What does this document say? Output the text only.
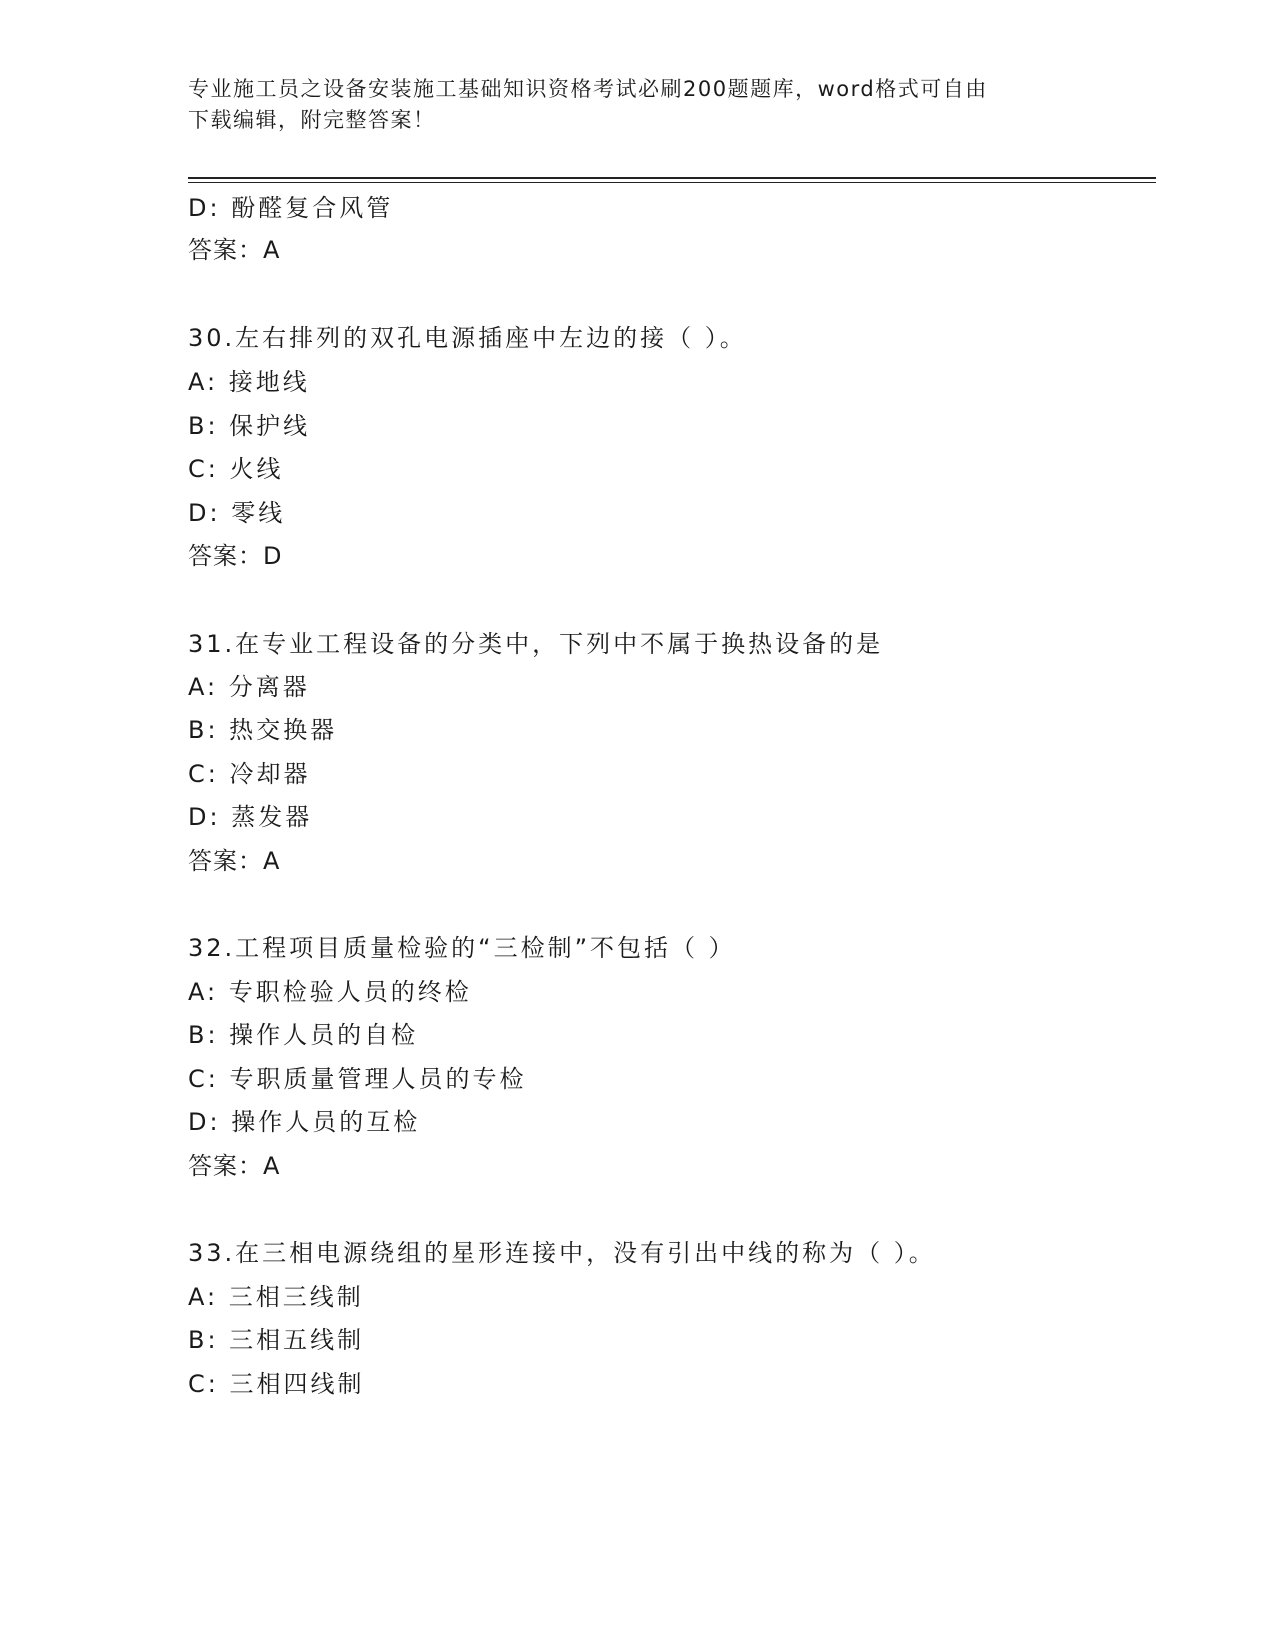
专业施工员之设备安装施工基础知识资格考试必刷200题题库，word格式可自由
下载编辑，附完整答案！
D: 酚醛复合风管
答案：A
30.左右排列的双孔电源插座中左边的接（ ）。
A: 接地线
B: 保护线
C: 火线
D: 零线
答案：D
31.在专业工程设备的分类中，下列中不属于换热设备的是
A: 分离器
B: 热交换器
C: 冷却器
D: 蒸发器
答案：A
32.工程项目质量检验的“三检制”不包括（ ）
A: 专职检验人员的终检
B: 操作人员的自检
C: 专职质量管理人员的专检
D: 操作人员的互检
答案：A
33.在三相电源绕组的星形连接中，没有引出中线的称为（ ）。
A: 三相三线制
B: 三相五线制
C: 三相四线制
